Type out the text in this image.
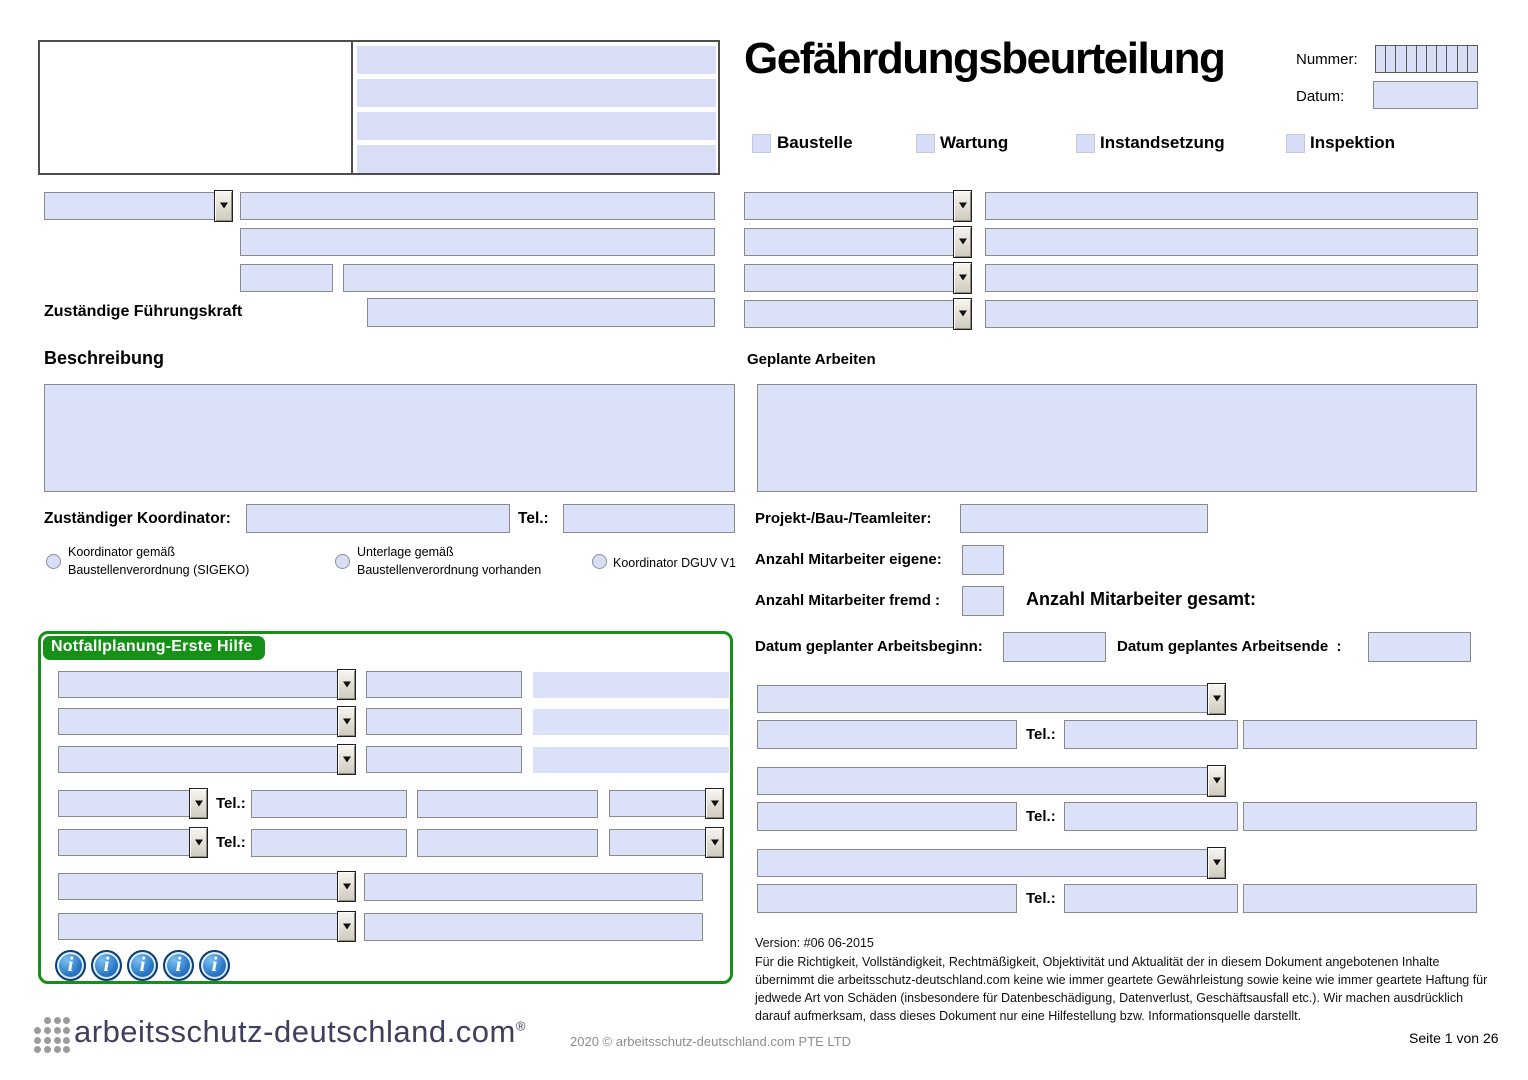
Gefährdungsbeurteilung	Nummer:
Datum:
Baustelle	Wartung	Instandsetzung	Inspektion
Zuständige Führungskraft
Beschreibung	Geplante Arbeiten
Zuständiger Koordinator:	Tel.:
Koordinator gemäß
Baustellenverordnung (SIGEKO)
Unterlage gemäß
Baustellenverordnung vorhanden
Koordinator DGUV V1
Projekt-/Bau-/Teamleiter:
Anzahl Mitarbeiter eigene:
Anzahl Mitarbeiter fremd :	Anzahl Mitarbeiter gesamt:
Datum geplanter Arbeitsbeginn:	Datum geplantes Arbeitsende  :
Tel.:
Tel.:
Tel.:
Notfallplanung-Erste Hilfe
Tel.:
Tel.:
i
i
i
i
i
Version: #06 06-2015
Für die Richtigkeit, Vollständigkeit, Rechtmäßigkeit, Objektivität und Aktualität der in diesem Dokument angebotenen Inhalte übernimmt die arbeitsschutz-deutschland.com keine wie immer geartete Gewährleistung sowie keine wie immer geartete Haftung für jedwede Art von Schäden (insbesondere für Datenbeschädigung, Datenverlust, Geschäftsausfall etc.). Wir machen ausdrücklich darauf aufmerksam, dass dieses Dokument nur eine Hilfestellung bzw. Informationsquelle darstellt.
arbeitsschutz-deutschland.com®
2020 © arbeitsschutz-deutschland.com PTE LTD	Seite 1 von 26
